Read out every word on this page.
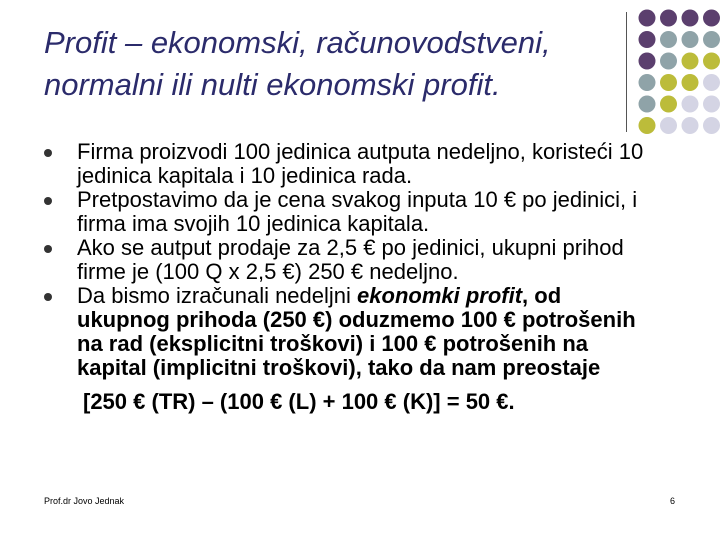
Profit – ekonomski, računovodstveni,
normalni ili nulti ekonomski profit.
Firma proizvodi 100 jedinica autputa nedeljno, koristeći 10 jedinica kapitala i 10 jedinica rada.
Pretpostavimo da je cena svakog inputa 10 € po jedinici, i firma ima svojih 10 jedinica kapitala.
Ako se autput prodaje za 2,5 € po jedinici, ukupni prihod firme je (100 Q x 2,5 €) 250 € nedeljno.
Da bismo izračunali nedeljni ekonomki profit, od ukupnog prihoda (250 €) oduzmemo 100 € potrošenih na rad (eksplicitni troškovi) i 100 € potrošenih na kapital (implicitni troškovi), tako da nam preostaje
[250 € (TR) – (100 € (L) + 100 € (K)] = 50 €.
Prof.dr Jovo Jednak	6
